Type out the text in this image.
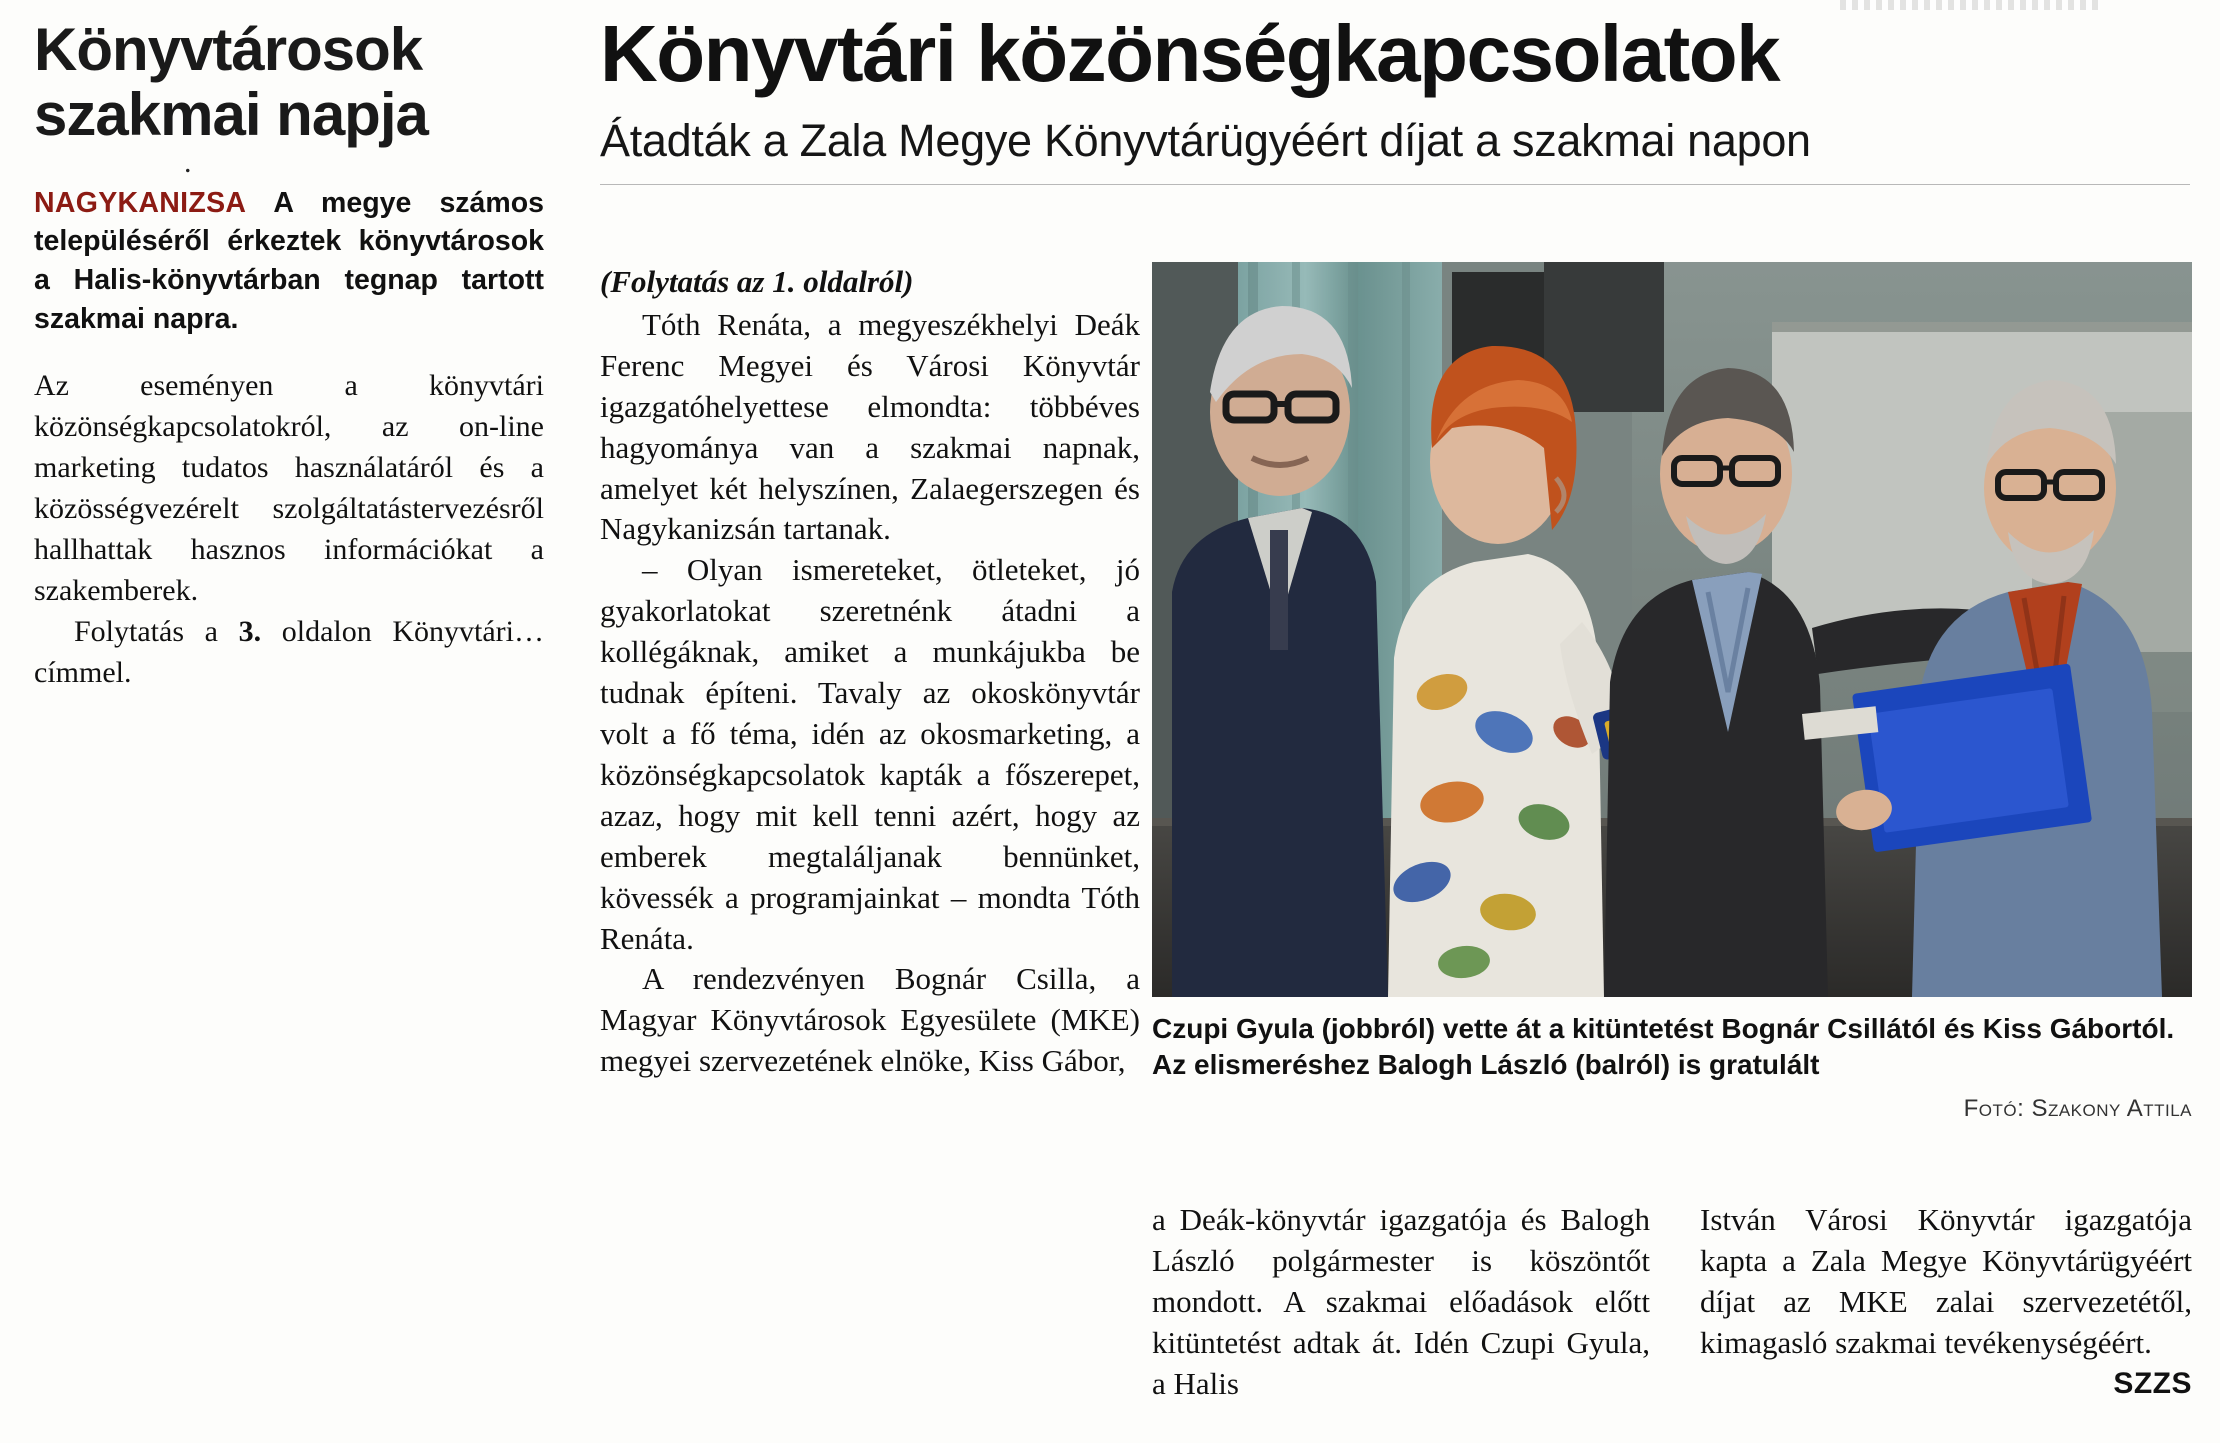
Könyvtárosok szakmai napja
.

NAGYKANIZSA A megye számos településéről érkeztek könyvtárosok a Halis-könyvtárban tegnap tartott szakmai napra.

Az eseményen a könyvtári közönségkapcsolatokról, az on-line marketing tudatos használatáról és a közösségvezérelt szolgáltatástervezésről hallhattak hasznos információkat a szakemberek.

Folytatás a 3. oldalon Könyvtári… címmel.

Könyvtári közönségkapcsolatok
Átadták a Zala Megye Könyvtárügyéért díjat a szakmai napon

(Folytatás az 1. oldalról)

Tóth Renáta, a megyeszékhelyi Deák Ferenc Megyei és Városi Könyvtár igazgatóhelyettese elmondta: többéves hagyománya van a szakmai napnak, amelyet két helyszínen, Zalaegerszegen és Nagykanizsán tartanak.

– Olyan ismereteket, ötleteket, jó gyakorlatokat szeretnénk átadni a kollégáknak, amiket a munkájukba be tudnak építeni. Tavaly az okoskönyvtár volt a fő téma, idén az okosmarketing, a közönségkapcsolatok kapták a főszerepet, azaz, hogy mit kell tenni azért, hogy az emberek megtaláljanak bennünket, kövessék a programjainkat – mondta Tóth Renáta.

A rendezvényen Bognár Csilla, a Magyar Könyvtárosok Egyesülete (MKE) megyei szervezetének elnöke, Kiss Gábor,

Czupi Gyula (jobbról) vette át a kitüntetést Bognár Csillától és Kiss Gábortól. Az elismeréshez Balogh László (balról) is gratulált
Fotó: Szakony Attila

a Deák-könyvtár igazgatója és Balogh László polgármester is köszöntőt mondott. A szakmai előadások előtt kitüntetést adtak át. Idén Czupi Gyula, a Halis

István Városi Könyvtár igazgatója kapta a Zala Megye Könyvtárügyéért díjat az MKE zalai szervezetétől, kimagasló szakmai tevékenységéért.

SZZS
